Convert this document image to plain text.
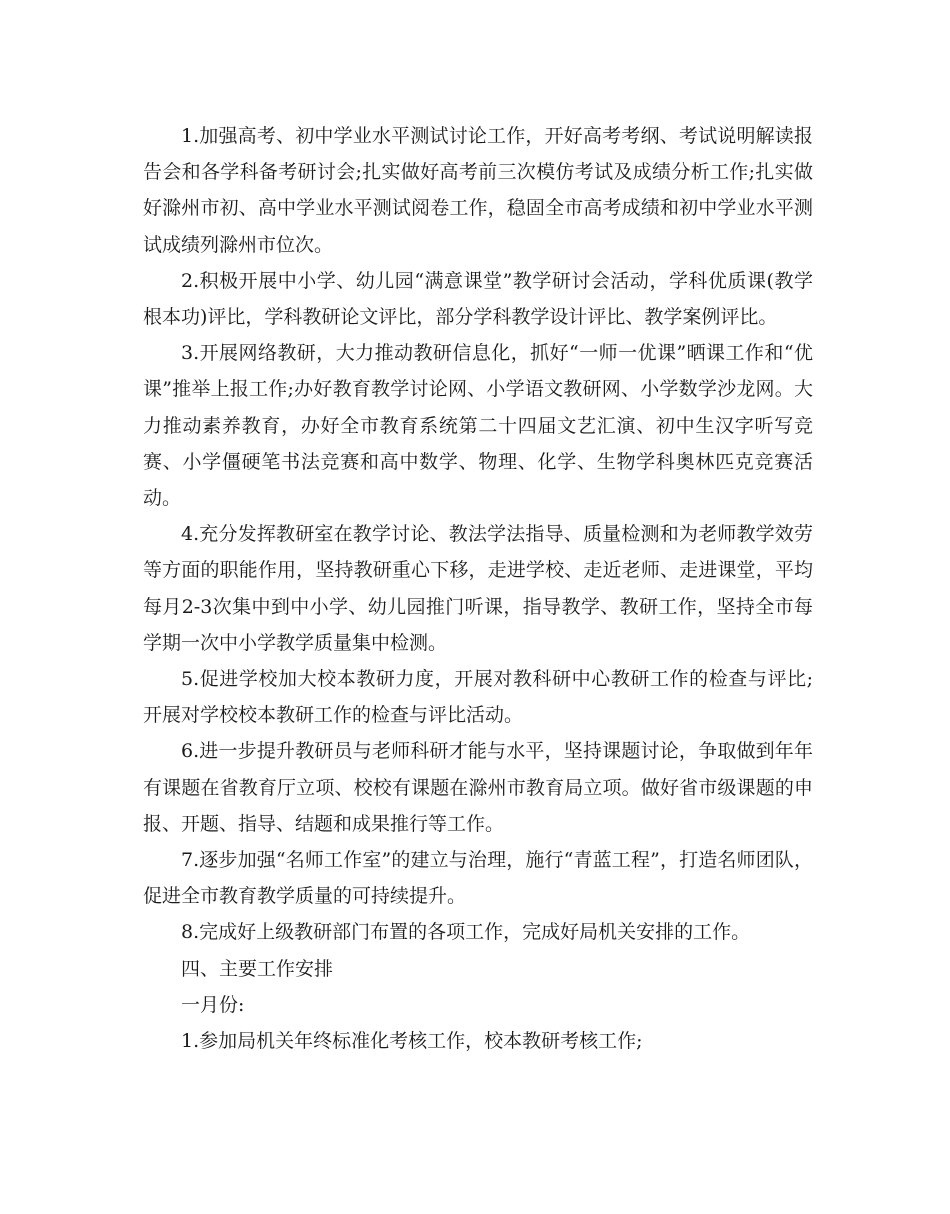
1.加强高考、初中学业水平测试讨论工作，开好高考考纲、考试说明解读报告会和各学科备考研讨会;扎实做好高考前三次模仿考试及成绩分析工作;扎实做好滁州市初、高中学业水平测试阅卷工作，稳固全市高考成绩和初中学业水平测试成绩列滁州市位次。

2.积极开展中小学、幼儿园“满意课堂”教学研讨会活动，学科优质课(教学根本功)评比，学科教研论文评比，部分学科教学设计评比、教学案例评比。

3.开展网络教研，大力推动教研信息化，抓好“一师一优课”晒课工作和“优课”推举上报工作;办好教育教学讨论网、小学语文教研网、小学数学沙龙网。大力推动素养教育，办好全市教育系统第二十四届文艺汇演、初中生汉字听写竞赛、小学僵硬笔书法竞赛和高中数学、物理、化学、生物学科奥林匹克竞赛活动。

4.充分发挥教研室在教学讨论、教法学法指导、质量检测和为老师教学效劳等方面的职能作用，坚持教研重心下移，走进学校、走近老师、走进课堂，平均每月2-3次集中到中小学、幼儿园推门听课，指导教学、教研工作，坚持全市每学期一次中小学教学质量集中检测。

5.促进学校加大校本教研力度，开展对教科研中心教研工作的检查与评比;开展对学校校本教研工作的检查与评比活动。

6.进一步提升教研员与老师科研才能与水平，坚持课题讨论，争取做到年年有课题在省教育厅立项、校校有课题在滁州市教育局立项。做好省市级课题的申报、开题、指导、结题和成果推行等工作。

7.逐步加强“名师工作室”的建立与治理，施行“青蓝工程”，打造名师团队，促进全市教育教学质量的可持续提升。

8.完成好上级教研部门布置的各项工作，完成好局机关安排的工作。

四、主要工作安排

一月份:

1.参加局机关年终标准化考核工作，校本教研考核工作;
